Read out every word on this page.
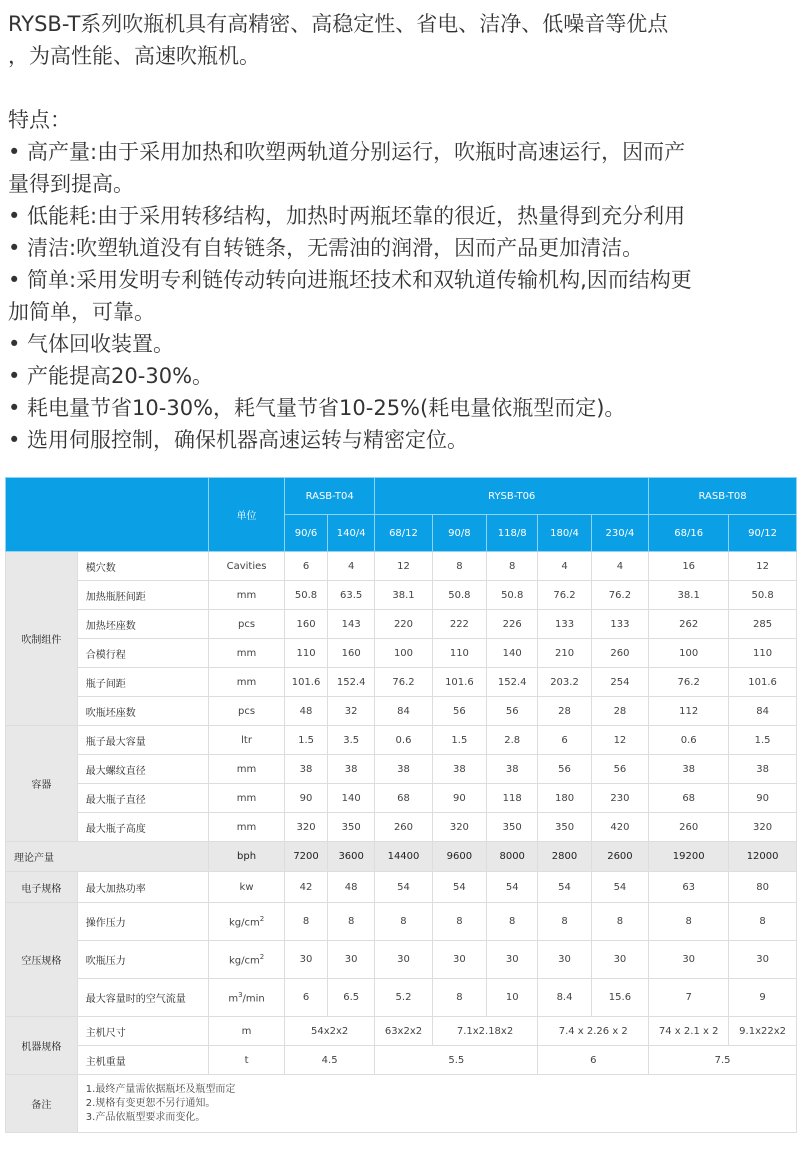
RYSB-T系列吹瓶机具有高精密、高稳定性、省电、洁净、低噪音等优点

，为高性能、高速吹瓶机。

特点：

• 高产量:由于采用加热和吹塑两轨道分别运行，吹瓶时高速运行，因而产

量得到提高。

• 低能耗:由于采用转移结构，加热时两瓶坯靠的很近，热量得到充分利用

• 清洁:吹塑轨道没有自转链条，无需油的润滑，因而产品更加清洁。

• 简单:采用发明专利链传动转向进瓶坯技术和双轨道传输机构,因而结构更

加简单，可靠。

• 气体回收装置。

• 产能提高20-30%。

• 耗电量节省10-30%，耗气量节省10-25%(耗电量依瓶型而定)。

• 选用伺服控制，确保机器高速运转与精密定位。

		单位	RASB-T04		RYSB-T06					RASB-T08	
			90/6	140/4	68/12	90/8	118/8	180/4	230/4	68/16	90/12
吹制组件	模穴数	Cavities	6	4	12	8	8	4	4	16	12
	加热瓶胚间距	mm	50.8	63.5	38.1	50.8	50.8	76.2	76.2	38.1	50.8
	加热坯座数	pcs	160	143	220	222	226	133	133	262	285
	合模行程	mm	110	160	100	110	140	210	260	100	110
	瓶子间距	mm	101.6	152.4	76.2	101.6	152.4	203.2	254	76.2	101.6
	吹瓶坯座数	pcs	48	32	84	56	56	28	28	112	84
容器	瓶子最大容量	ltr	1.5	3.5	0.6	1.5	2.8	6	12	0.6	1.5
	最大螺纹直径	mm	38	38	38	38	38	56	56	38	38
	最大瓶子直径	mm	90	140	68	90	118	180	230	68	90
	最大瓶子高度	mm	320	350	260	320	350	350	420	260	320
理论产量		bph	7200	3600	14400	9600	8000	2800	2600	19200	12000
电子规格	最大加热功率	kw	42	48	54	54	54	54	54	63	80
空压规格	操作压力	$kg/cm^2$	8	8	8	8	8	8	8	8	8
	吹瓶压力	$kg/cm^2$	30	30	30	30	30	30	30	30	30
	最大容量时的空气流量	$m^3/\min$	6	6.5	5.2	8	10	8.4	15.6	7	9
机器规格	主机尺寸	m	54x2x2		63x2x2	7.1x2.18x2		7.4 x 2.26 x 2		74 x 2.1 x 2	9.1x22x2
	主机重量	t	4.5		5.5			6		7.5	
备注	1.最终产量需依据瓶坯及瓶型而定
2.规格有变更恕不另行通知。
3.产品依瓶型要求而变化。										
